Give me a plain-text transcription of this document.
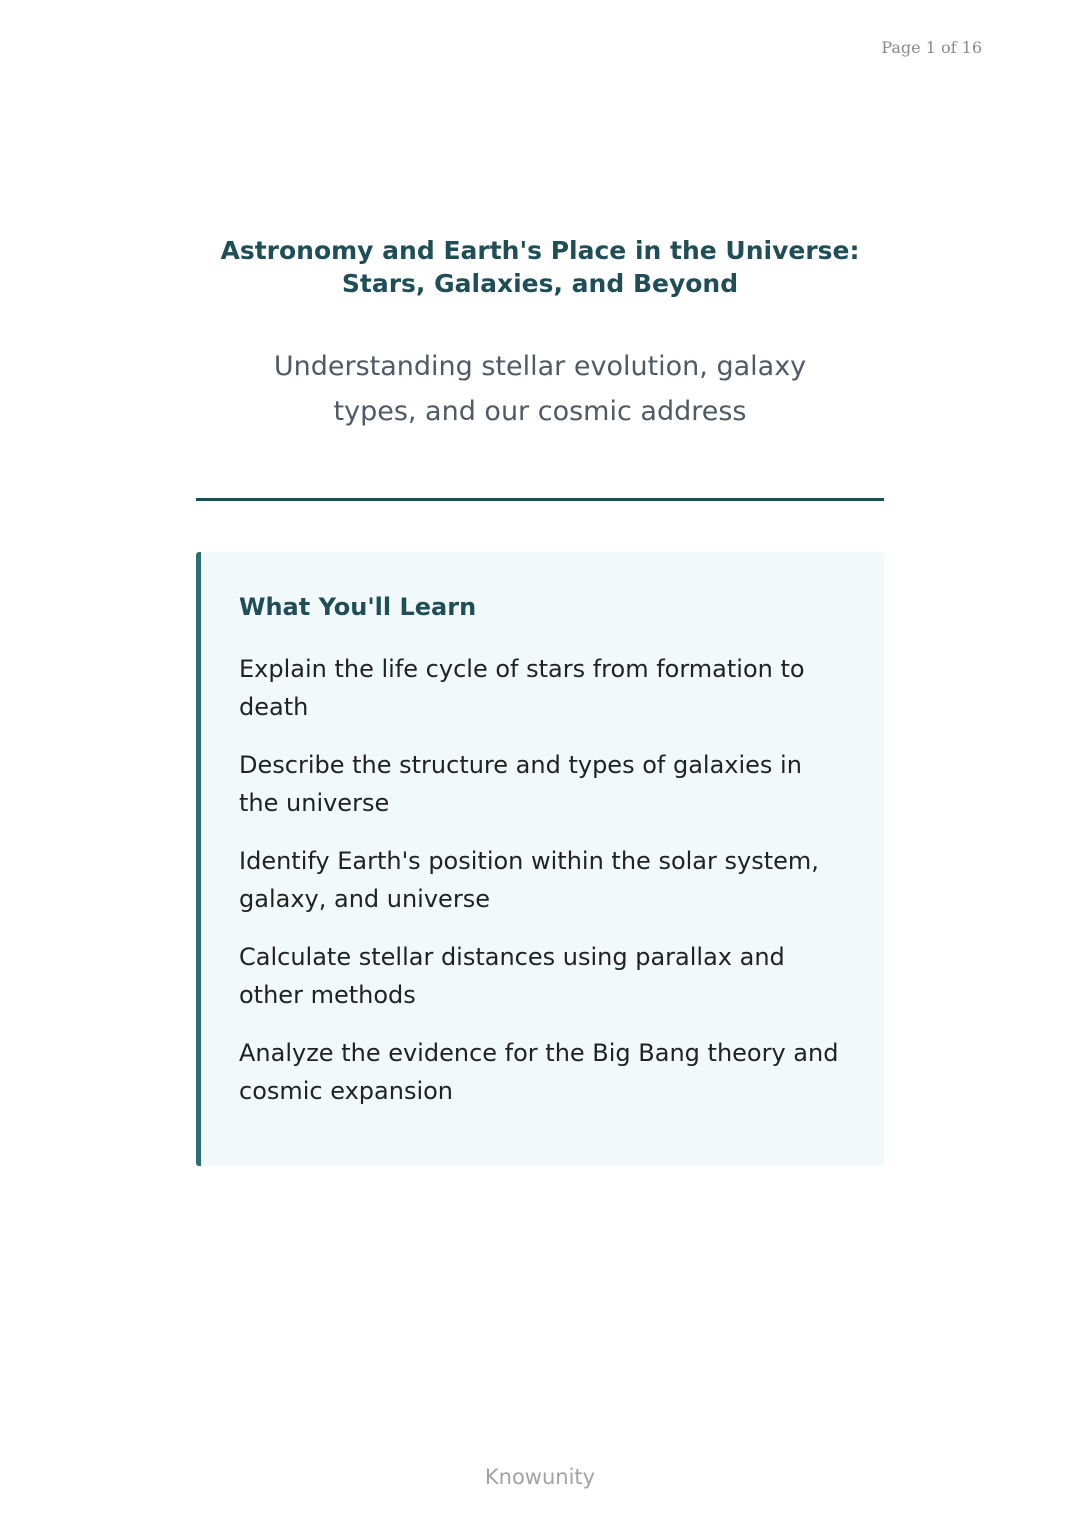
Page 1 of 16
Astronomy and Earth's Place in the Universe: Stars, Galaxies, and Beyond
Understanding stellar evolution, galaxy types, and our cosmic address
What You'll Learn
Explain the life cycle of stars from formation to death
Describe the structure and types of galaxies in the universe
Identify Earth's position within the solar system, galaxy, and universe
Calculate stellar distances using parallax and other methods
Analyze the evidence for the Big Bang theory and cosmic expansion
Knowunity
